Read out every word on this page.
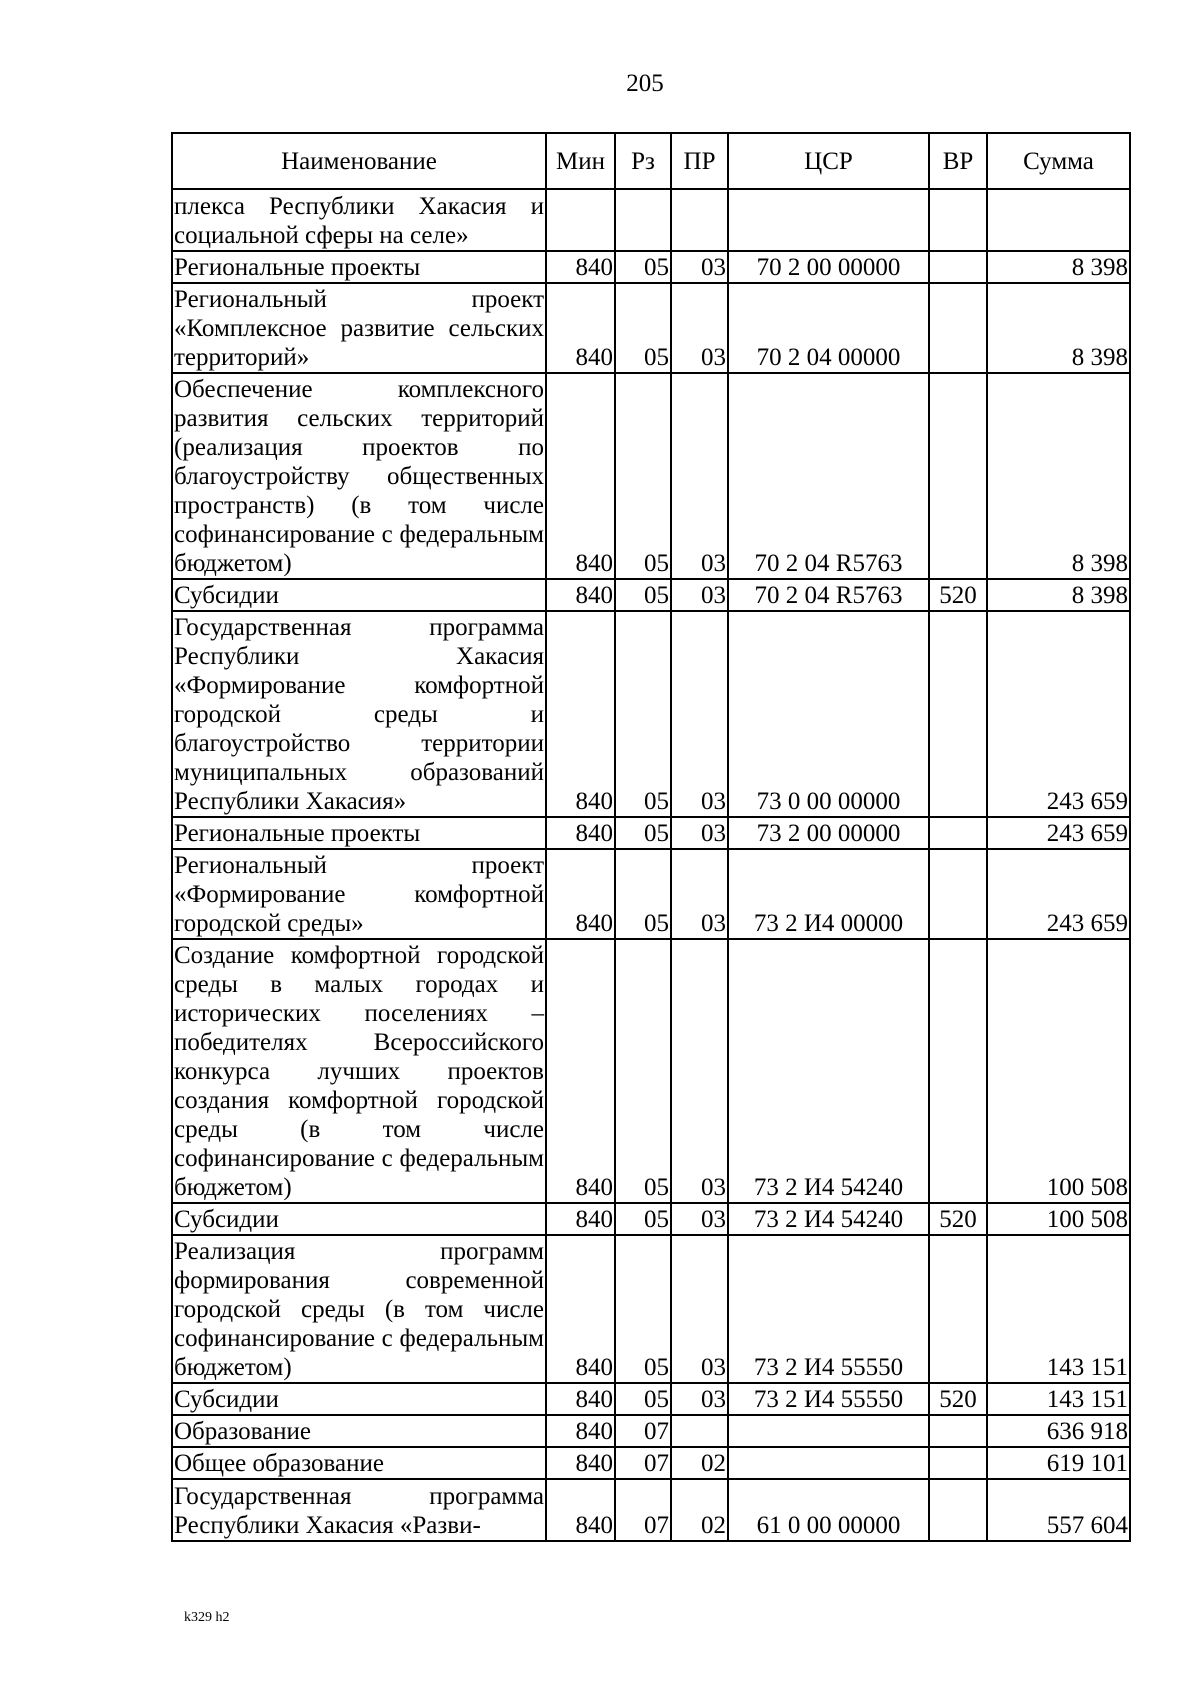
205
Наименование	Мин	Рз	ПР	ЦСР	ВР	Сумма
плекса Республики Хакасия и социальной сферы на селе»						
Региональные проекты	840	05	03	70 2 00 00000		8 398
Региональный проект «Комплексное развитие сельских территорий»	840	05	03	70 2 04 00000		8 398
Обеспечение комплексного развития сельских территорий (реализация проектов по благоустройству общественных пространств) (в том числе софинансирование с федеральным бюджетом)	840	05	03	70 2 04 R5763		8 398
Субсидии	840	05	03	70 2 04 R5763	520	8 398
Государственная программа Республики Хакасия «Формирование комфортной городской среды и благоустройство территории муниципальных образований Республики Хакасия»	840	05	03	73 0 00 00000		243 659
Региональные проекты	840	05	03	73 2 00 00000		243 659
Региональный проект «Формирование комфортной городской среды»	840	05	03	73 2 И4 00000		243 659
Создание комфортной городской среды в малых городах и исторических поселениях – победителях Всероссийского конкурса лучших проектов создания комфортной городской среды (в том числе софинансирование с федеральным бюджетом)	840	05	03	73 2 И4 54240		100 508
Субсидии	840	05	03	73 2 И4 54240	520	100 508
Реализация программ формирования современной городской среды (в том числе софинансирование с федеральным бюджетом)	840	05	03	73 2 И4 55550		143 151
Субсидии	840	05	03	73 2 И4 55550	520	143 151
Образование	840	07				636 918
Общее образование	840	07	02			619 101
Государственная программа Республики Хакасия «Разви-	840	07	02	61 0 00 00000		557 604
k329 h2
